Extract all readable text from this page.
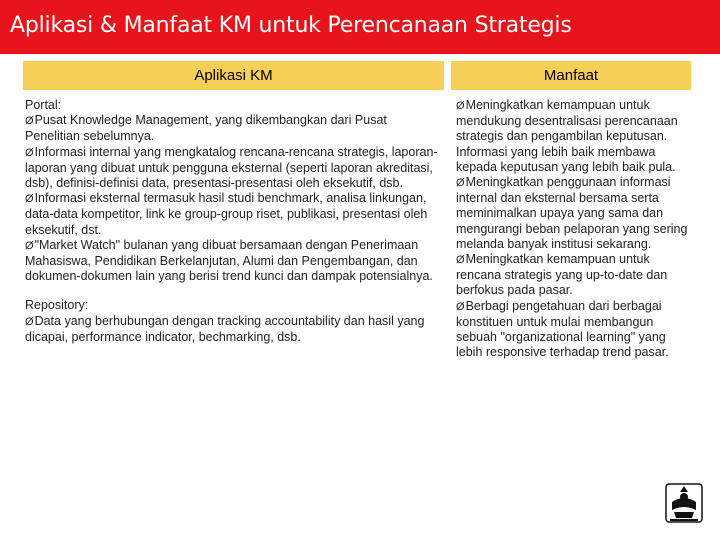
Aplikasi & Manfaat KM untuk Perencanaan Strategis
Aplikasi KM	Manfaat
Portal:
ØPusat Knowledge Management, yang dikembangkan dari Pusat Penelitian sebelumnya.
ØInformasi internal yang mengkatalog rencana-rencana strategis, laporan-laporan yang dibuat untuk pengguna eksternal (seperti laporan akreditasi, dsb), definisi-definisi data, presentasi-presentasi oleh eksekutif, dsb.
ØInformasi eksternal termasuk hasil studi benchmark, analisa linkungan, data-data kompetitor, link ke group-group riset, publikasi, presentasi oleh eksekutif, dst.
Ø"Market Watch" bulanan yang dibuat bersamaan dengan Penerimaan Mahasiswa, Pendidikan Berkelanjutan, Alumi dan Pengembangan, dan dokumen-dokumen lain yang berisi trend kunci dan dampak potensialnya.
Repository:
ØData yang berhubungan dengan tracking accountability dan hasil yang dicapai, performance indicator, bechmarking, dsb.
ØMeningkatkan kemampuan untuk mendukung desentralisasi perencanaan strategis dan pengambilan keputusan. Informasi yang lebih baik membawa kepada keputusan yang lebih baik pula.
ØMeningkatkan penggunaan informasi internal dan eksternal bersama serta meminimalkan upaya yang sama dan mengurangi beban pelaporan yang sering melanda banyak institusi sekarang.
ØMeningkatkan kemampuan untuk rencana strategis yang up-to-date dan berfokus pada pasar.
ØBerbagi pengetahuan dari berbagai konstituen untuk mulai membangun sebuah "organizational learning" yang lebih responsive terhadap trend pasar.
